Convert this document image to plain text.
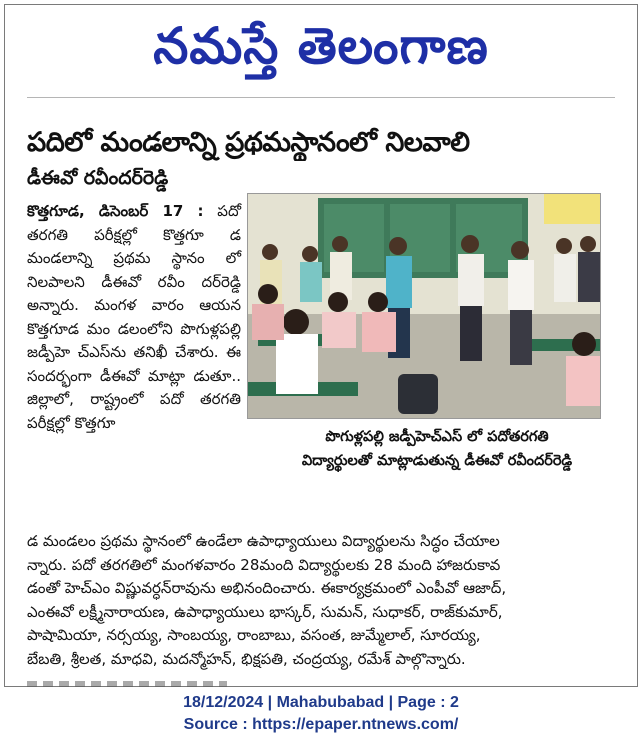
నమస్తే తెలంగాణ
పదిలో మండలాన్ని ప్రథమస్థానంలో నిలవాలి
డీఈవో రవీందర్‌రెడ్డి

కొత్తగూడ, డిసెంబర్ 17 : పదో తరగతి పరీక్షల్లో కొత్తగూ డ మండలాన్ని ప్రథమ స్థానం లో నిలపాలని డీఈవో రవీం దర్‌రెడ్డి అన్నారు. మంగళ వారం ఆయన కొత్తగూడ మం డలంలోని పొగుళ్లపల్లి జడ్పీహె చ్‌ఎస్‌ను తనిఖీ చేశారు. ఈ సందర్భంగా డీఈవో మాట్లా డుతూ.. జిల్లాలో, రాష్ట్రంలో పదో తరగతి పరీక్షల్లో కొత్తగూ

పొగుళ్లపల్లి జడ్పీహెచ్‌ఎస్ లో పదోతరగతి
విద్యార్థులతో మాట్లాడుతున్న డీఈవో రవీందర్‌రెడ్డి
డ మండలం ప్రథమ స్థానంలో ఉండేలా ఉపాధ్యాయులు విద్యార్థులను సిద్ధం చేయాల
న్నారు. పదో తరగతిలో మంగళవారం 28మంది విద్యార్థులకు 28 మంది హాజరుకావ
డంతో హెచ్‌ఎం విష్ణువర్ధన్‌రావును అభినందించారు. ఈకార్యక్రమంలో ఎంపీవో ఆజాద్,
ఎంఈవో లక్ష్మీనారాయణ, ఉపాధ్యాయులు భాస్కర్, సుమన్, సుధాకర్, రాజ్‌కుమార్,
పాషామియా, నర్సయ్య, సాంబయ్య, రాంబాబు, వసంత, జుమ్మేలాల్, సూరయ్య,
బేబతి, శ్రీలత, మాధవి, మదన్మోహన్, భిక్షపతి, చంద్రయ్య, రమేశ్ పాల్గొన్నారు.
18/12/2024 | Mahabubabad | Page : 2
Source : https://epaper.ntnews.com/
